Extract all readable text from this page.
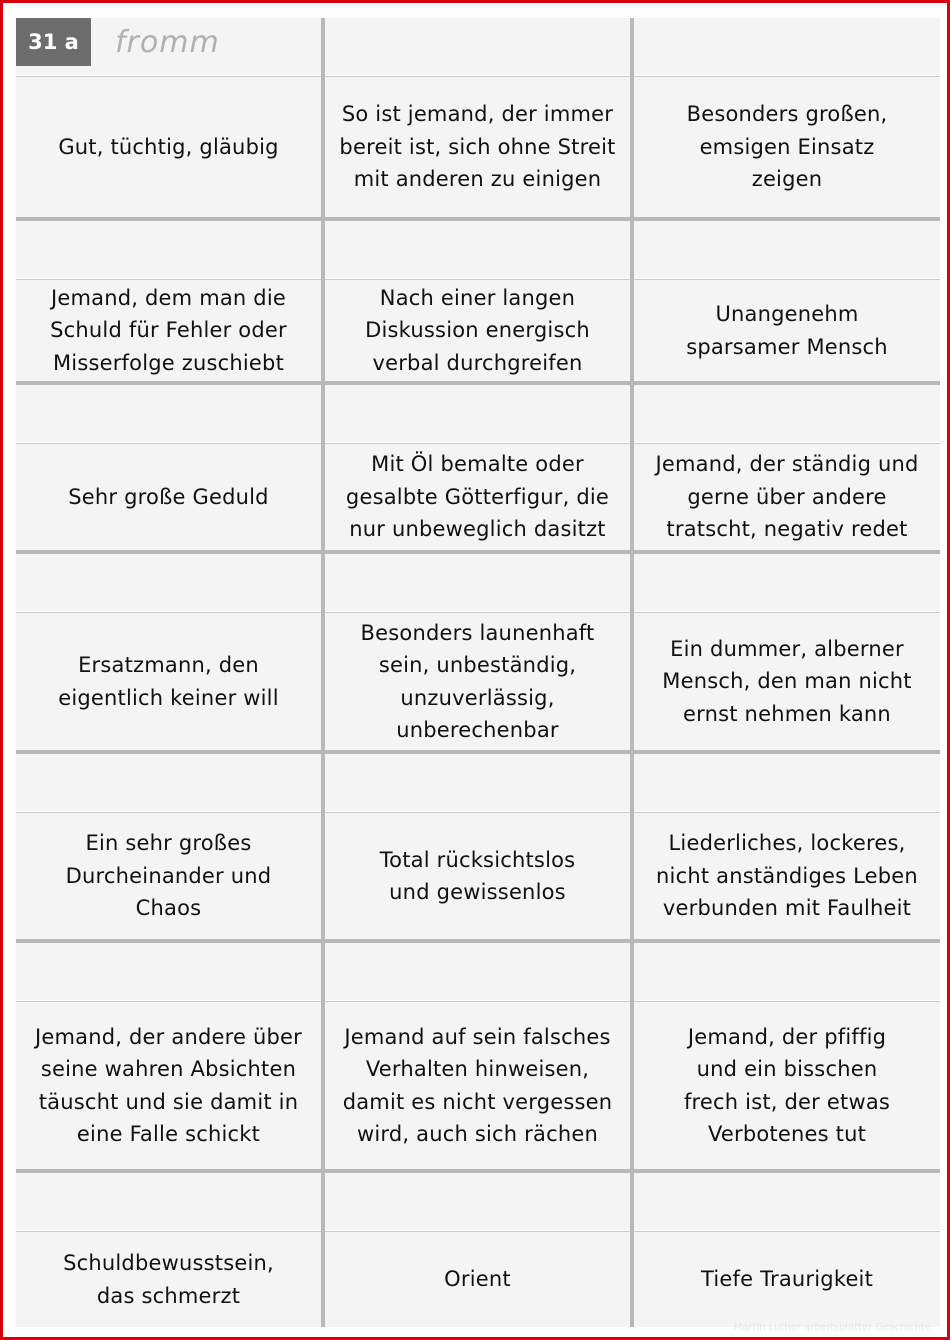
31 a	fromm
Gut, tüchtig, gläubig
So ist jemand, der immer
bereit ist, sich ohne Streit
mit anderen zu einigen
Besonders großen,
emsigen Einsatz
zeigen
Jemand, dem man die
Schuld für Fehler oder
Misserfolge zuschiebt
Nach einer langen
Diskussion energisch
verbal durchgreifen
Unangenehm
sparsamer Mensch
Sehr große Geduld
Mit Öl bemalte oder
gesalbte Götterfigur, die
nur unbeweglich dasitzt
Jemand, der ständig und
gerne über andere
tratscht, negativ redet
Ersatzmann, den
eigentlich keiner will
Besonders launenhaft
sein, unbeständig,
unzuverlässig,
unberechenbar
Ein dummer, alberner
Mensch, den man nicht
ernst nehmen kann
Ein sehr großes
Durcheinander und
Chaos
Total rücksichtslos
und gewissenlos
Liederliches, lockeres,
nicht anständiges Leben
verbunden mit Faulheit
Jemand, der andere über
seine wahren Absichten
täuscht und sie damit in
eine Falle schickt
Jemand auf sein falsches
Verhalten hinweisen,
damit es nicht vergessen
wird, auch sich rächen
Jemand, der pfiffig
und ein bisschen
frech ist, der etwas
Verbotenes tut
Schuldbewusstsein,
das schmerzt
Orient	Tiefe Traurigkeit
Martin Luther arbeitsblätter Geschichte
